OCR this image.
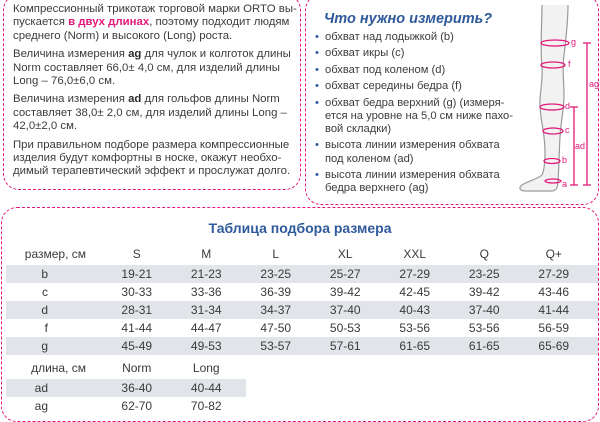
Компрессионный трикотаж торговой марки ORTO вы-пускается в двух длинах, поэтому подходит людям среднего (Norm) и высокого (Long) роста.

Величина измерения ag для чулок и колготок длины Norm составляет 66,0± 4,0 см, для изделий длины Long – 76,0±6,0 см.

Величина измерения ad для гольфов длины Norm составляет 38,0± 2,0 см, для изделий длины Long – 42,0±2,0 см.

При правильном подборе размера компрессионные изделия будут комфортны в носке, окажут необхо-димый терапевтический эффект и прослужат долго.

Что нужно измерить?
• обхват над лодыжкой (b)
• обхват икры (c)
• обхват под коленом (d)
• обхват середины бедра (f)
• обхват бедра верхний (g) (измеря-ется на уровне на 5,0 см ниже пахо-вой складки)
• высота линии измерения обхвата под коленом (ad)
• высота линии измерения обхвата бедра верхнего (ag)
g
f
ag
d
c
ad
b
a
Таблица подбора размера
размер, см	S	M	L	XL	XXL	Q	Q+
b	19-21	21-23	23-25	25-27	27-29	23-25	27-29
c	30-33	33-36	36-39	39-42	42-45	39-42	43-46
d	28-31	31-34	34-37	37-40	40-43	37-40	41-44
f	41-44	44-47	47-50	50-53	53-56	53-56	56-59
g	45-49	49-53	53-57	57-61	61-65	61-65	65-69
длина, см	Norm	Long
ad	36-40	40-44
ag	62-70	70-82
